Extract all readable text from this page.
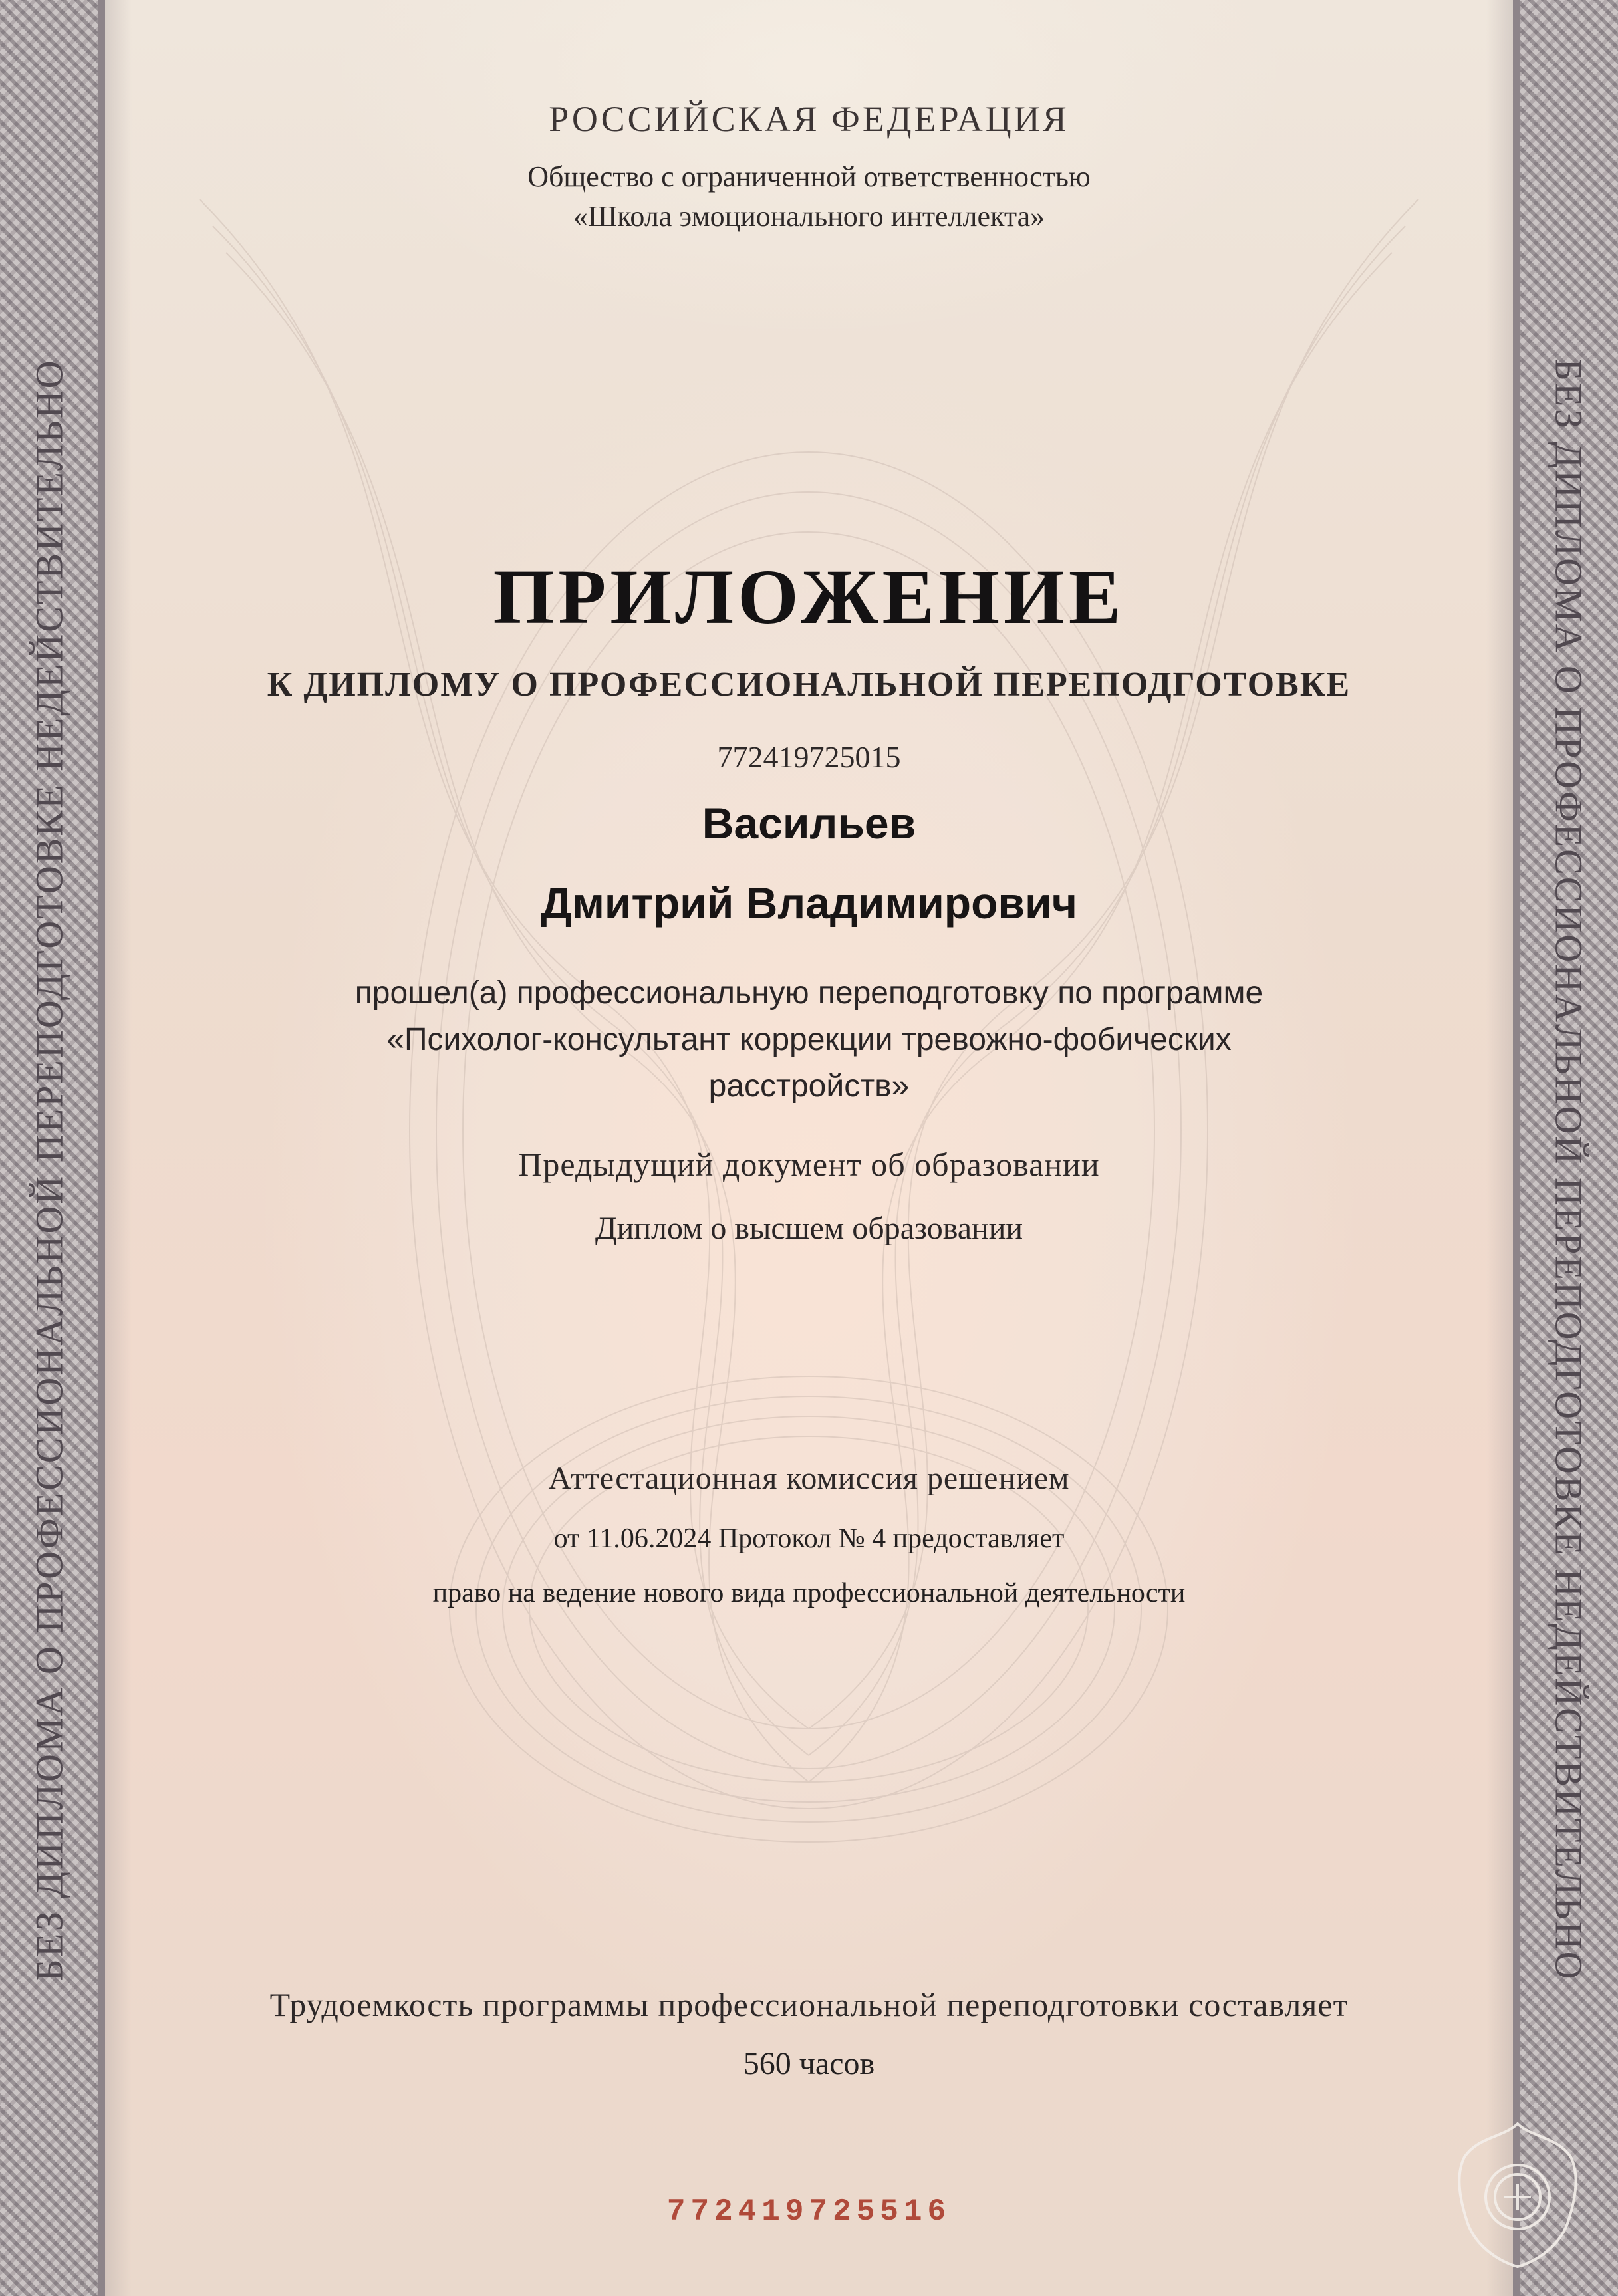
БЕЗ ДИПЛОМА О ПРОФЕССИОНАЛЬНОЙ ПЕРЕПОДГОТОВКЕ НЕДЕЙСТВИТЕЛЬНО	БЕЗ ДИПЛОМА О ПРОФЕССИОНАЛЬНОЙ ПЕРЕПОДГОТОВКЕ НЕДЕЙСТВИТЕЛЬНО
РОССИЙСКАЯ ФЕДЕРАЦИЯ
Общество с ограниченной ответственностью
«Школа эмоционального интеллекта»
ПРИЛОЖЕНИЕ
К ДИПЛОМУ О ПРОФЕССИОНАЛЬНОЙ ПЕРЕПОДГОТОВКЕ
772419725015
Васильев
Дмитрий Владимирович
прошел(а) профессиональную переподготовку по программе
«Психолог-консультант коррекции тревожно-фобических
расстройств»
Предыдущий документ об образовании
Диплом о высшем образовании
Аттестационная комиссия решением
от 11.06.2024 Протокол № 4 предоставляет
право на ведение нового вида профессиональной деятельности
Трудоемкость программы профессиональной переподготовки составляет
560 часов
772419725516
